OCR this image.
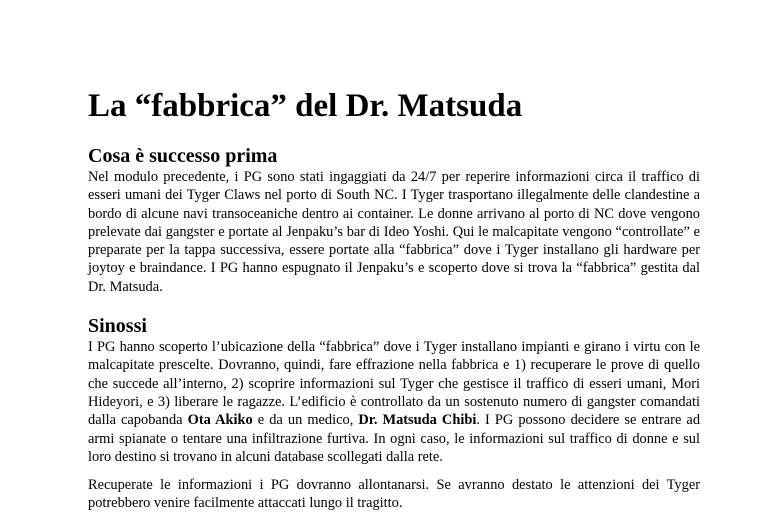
La “fabbrica” del Dr. Matsuda
Cosa è successo prima

Nel modulo precedente, i PG sono stati ingaggiati da 24/7 per reperire informazioni circa il traffico di esseri umani dei Tyger Claws nel porto di South NC. I Tyger trasportano illegalmente delle clandestine a bordo di alcune navi transoceaniche dentro ai container. Le donne arrivano al porto di NC dove vengono prelevate dai gangster e portate al Jenpaku’s bar di Ideo Yoshi. Qui le malcapitate vengono “controllate” e preparate per la tappa successiva, essere portate alla “fabbrica” dove i Tyger installano gli hardware per joytoy e braindance. I PG hanno espugnato il Jenpaku’s e scoperto dove si trova la “fabbrica” gestita dal Dr. Matsuda.

Sinossi

I PG hanno scoperto l’ubicazione della “fabbrica” dove i Tyger installano impianti e girano i virtu con le malcapitate prescelte. Dovranno, quindi, fare effrazione nella fabbrica e 1) recuperare le prove di quello che succede all’interno, 2) scoprire informazioni sul Tyger che gestisce il traffico di esseri umani, Mori Hideyori, e 3) liberare le ragazze. L’edificio è controllato da un sostenuto numero di gangster comandati dalla capobanda Ota Akiko e da un medico, Dr. Matsuda Chibi. I PG possono decidere se entrare ad armi spianate o tentare una infiltrazione furtiva. In ogni caso, le informazioni sul traffico di donne e sul loro destino si trovano in alcuni database scollegati dalla rete.

Recuperate le informazioni i PG dovranno allontanarsi. Se avranno destato le attenzioni dei Tyger potrebbero venire facilmente attaccati lungo il tragitto.
